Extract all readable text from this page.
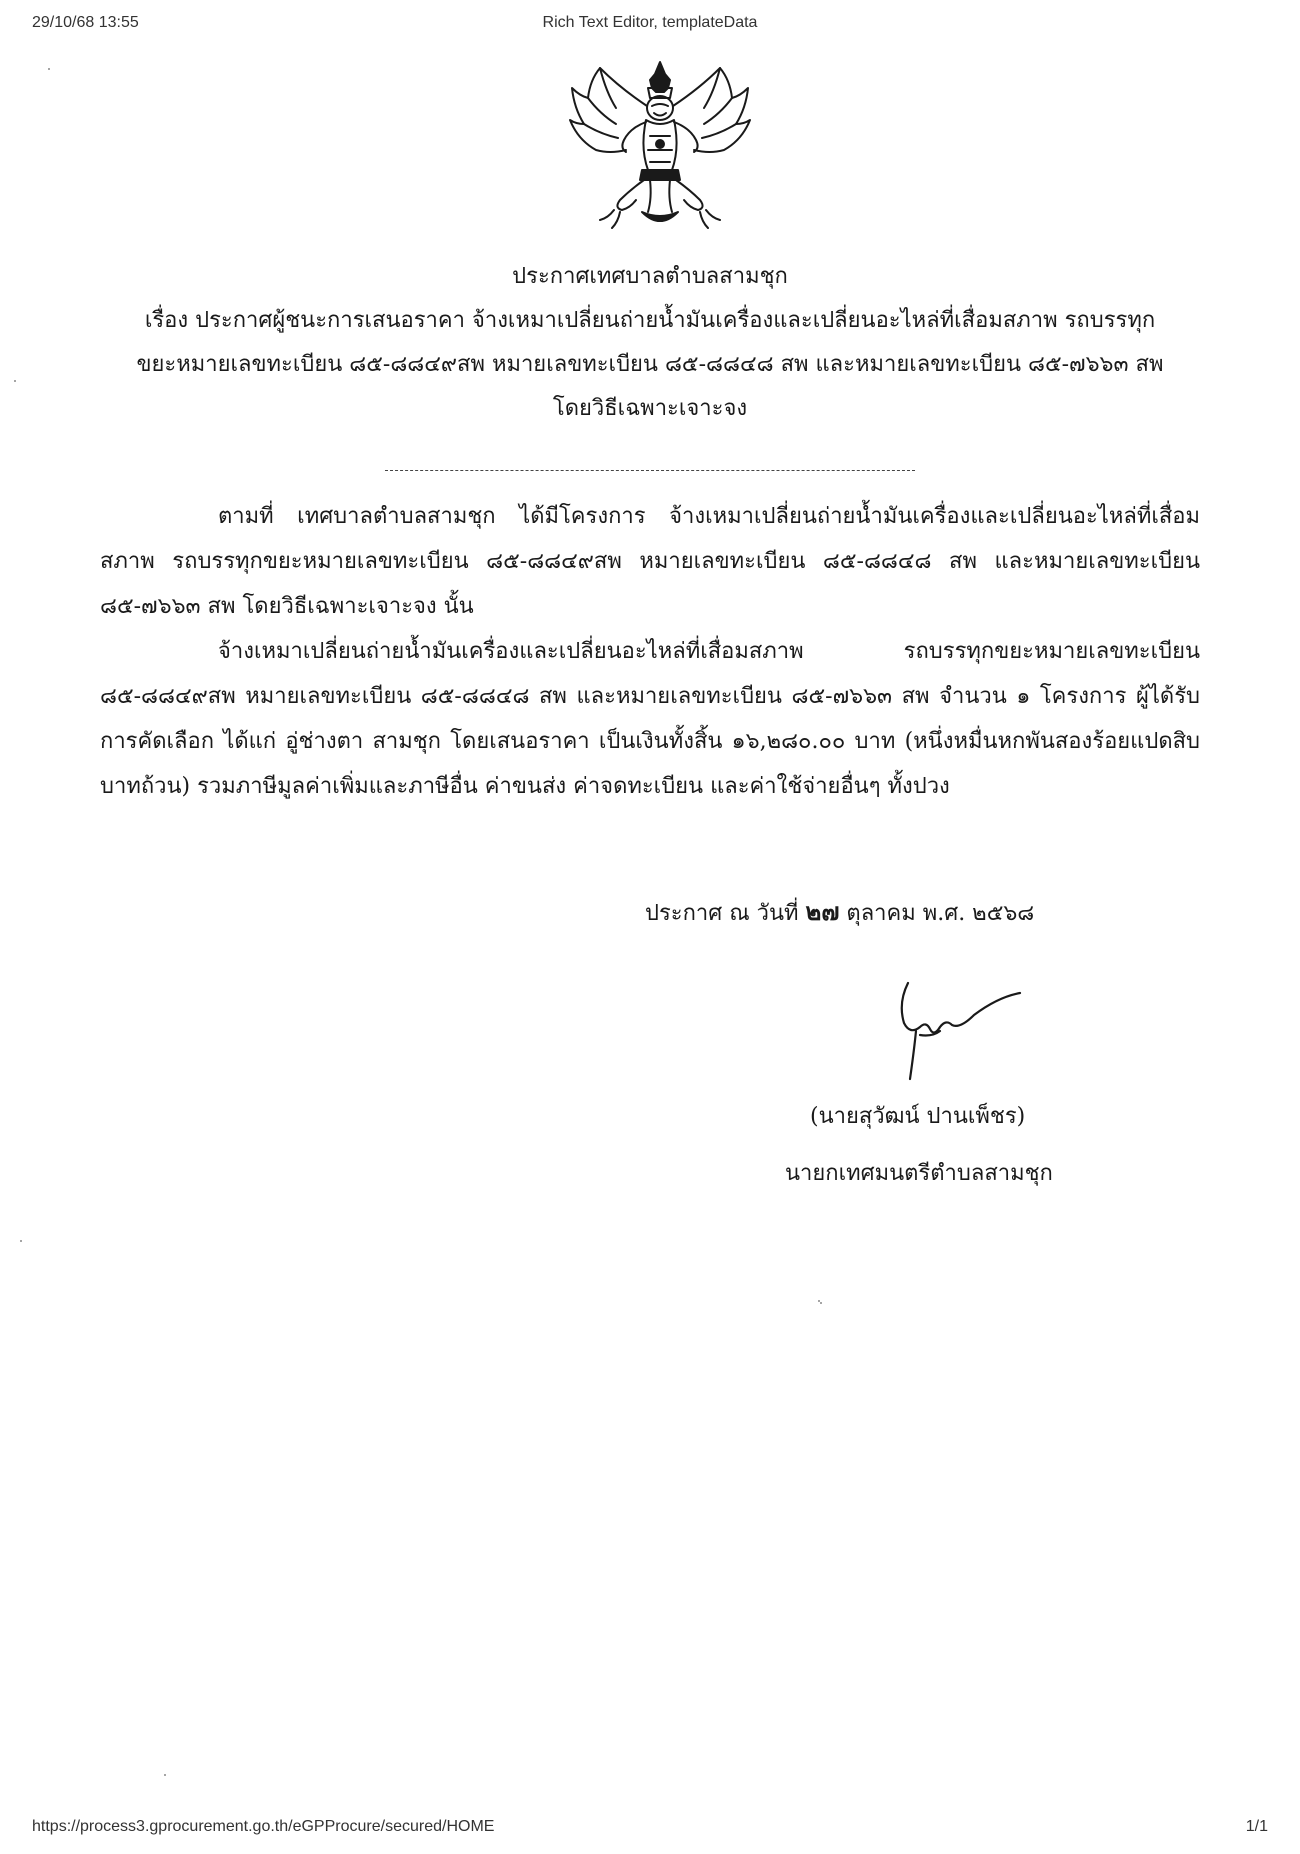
29/10/68 13:55	Rich Text Editor, templateData
ประกาศเทศบาลตำบลสามชุก
เรื่อง ประกาศผู้ชนะการเสนอราคา จ้างเหมาเปลี่ยนถ่ายน้ำมันเครื่องและเปลี่ยนอะไหล่ที่เสื่อมสภาพ รถบรรทุก
ขยะหมายเลขทะเบียน ๘๕-๘๘๔๙สพ หมายเลขทะเบียน ๘๕-๘๘๔๘ สพ และหมายเลขทะเบียน ๘๕-๗๖๖๓ สพ
โดยวิธีเฉพาะเจาะจง

ตามที่ เทศบาลตำบลสามชุก ได้มีโครงการ จ้างเหมาเปลี่ยนถ่ายน้ำมันเครื่องและเปลี่ยนอะไหล่ที่เสื่อมสภาพ รถบรรทุกขยะหมายเลขทะเบียน ๘๕-๘๘๔๙สพ หมายเลขทะเบียน ๘๕-๘๘๔๘ สพ และหมายเลขทะเบียน ๘๕-๗๖๖๓ สพ โดยวิธีเฉพาะเจาะจง นั้น

จ้างเหมาเปลี่ยนถ่ายน้ำมันเครื่องและเปลี่ยนอะไหล่ที่เสื่อมสภาพ รถบรรทุกขยะหมายเลขทะเบียน ๘๕-๘๘๔๙สพ หมายเลขทะเบียน ๘๕-๘๘๔๘ สพ และหมายเลขทะเบียน ๘๕-๗๖๖๓ สพ จำนวน ๑ โครงการ ผู้ได้รับการคัดเลือก ได้แก่ อู่ช่างตา สามชุก โดยเสนอราคา เป็นเงินทั้งสิ้น ๑๖,๒๘๐.๐๐ บาท (หนึ่งหมื่นหกพันสองร้อยแปดสิบบาทถ้วน) รวมภาษีมูลค่าเพิ่มและภาษีอื่น ค่าขนส่ง ค่าจดทะเบียน และค่าใช้จ่ายอื่นๆ ทั้งปวง

ประกาศ ณ วันที่ ๒๗ ตุลาคม พ.ศ. ๒๕๖๘
(นายสุวัฒน์ ปานเพ็ชร)
นายกเทศมนตรีตำบลสามชุก
https://process3.gprocurement.go.th/eGPProcure/secured/HOME	1/1
